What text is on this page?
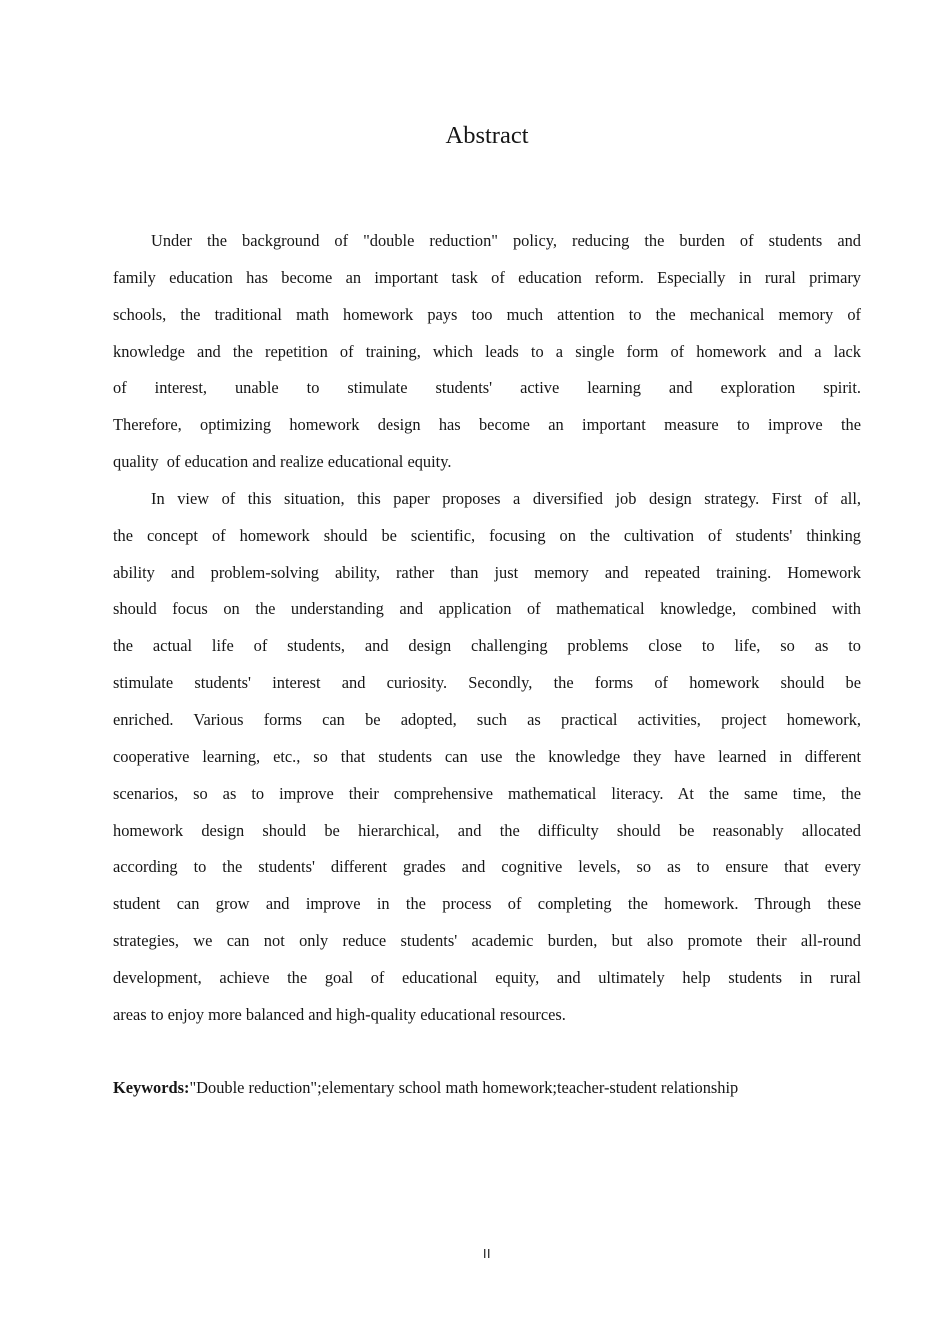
Abstract
Under the background of "double reduction" policy, reducing the burden of students and
family education has become an important task of education reform. Especially in rural primary
schools, the traditional math homework pays too much attention to the mechanical memory of
knowledge and the repetition of training, which leads to a single form of homework and a lack
of interest, unable to stimulate students' active learning and exploration spirit.
Therefore, optimizing homework design has become an important measure to improve the
quality  of education and realize educational equity.
In view of this situation, this paper proposes a diversified job design strategy. First of all,
the concept of homework should be scientific, focusing on the cultivation of students' thinking
ability and problem-solving ability, rather than just memory and repeated training. Homework
should focus on the understanding and application of mathematical knowledge, combined with
the actual life of students, and design challenging problems close to life, so as to
stimulate students' interest and curiosity. Secondly, the forms of homework should be
enriched. Various forms can be adopted, such as practical activities, project homework,
cooperative learning, etc., so that students can use the knowledge they have learned in different
scenarios, so as to improve their comprehensive mathematical literacy. At the same time, the
homework design should be hierarchical, and the difficulty should be reasonably allocated
according to the students' different grades and cognitive levels, so as to ensure that every
student can grow and improve in the process of completing the homework. Through these
strategies, we can not only reduce students' academic burden, but also promote their all-round
development, achieve the goal of educational equity, and ultimately help students in rural
areas to enjoy more balanced and high-quality educational resources.
Keywords:"Double reduction";elementary school math homework;teacher-student relationship
II
